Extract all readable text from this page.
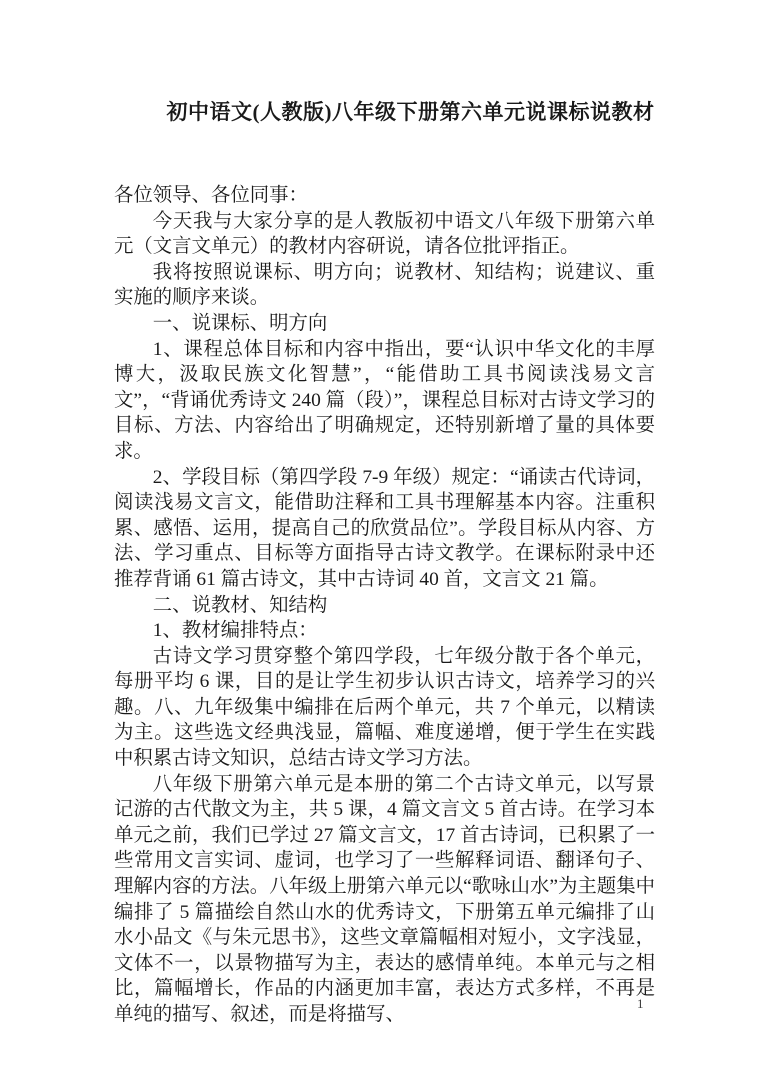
初中语文(人教版)八年级下册第六单元说课标说教材

各位领导、各位同事：

今天我与大家分享的是人教版初中语文八年级下册第六单元（文言文单元）的教材内容研说，请各位批评指正。

我将按照说课标、明方向；说教材、知结构；说建议、重实施的顺序来谈。

一、说课标、明方向

1、课程总体目标和内容中指出，要“认识中华文化的丰厚博大，汲取民族文化智慧”，“能借助工具书阅读浅易文言文”，“背诵优秀诗文 240 篇（段）”，课程总目标对古诗文学习的目标、方法、内容给出了明确规定，还特别新增了量的具体要求。

2、学段目标（第四学段 7-9 年级）规定：“诵读古代诗词，阅读浅易文言文，能借助注释和工具书理解基本内容。注重积累、感悟、运用，提高自己的欣赏品位”。学段目标从内容、方法、学习重点、目标等方面指导古诗文教学。在课标附录中还推荐背诵 61 篇古诗文，其中古诗词 40 首，文言文 21 篇。

二、说教材、知结构

1、教材编排特点：

古诗文学习贯穿整个第四学段，七年级分散于各个单元，每册平均 6 课，目的是让学生初步认识古诗文，培养学习的兴趣。八、九年级集中编排在后两个单元，共 7 个单元，以精读为主。这些选文经典浅显，篇幅、难度递增，便于学生在实践中积累古诗文知识，总结古诗文学习方法。

八年级下册第六单元是本册的第二个古诗文单元，以写景记游的古代散文为主，共 5 课，4 篇文言文 5 首古诗。在学习本单元之前，我们已学过 27 篇文言文，17 首古诗词，已积累了一些常用文言实词、虚词，也学习了一些解释词语、翻译句子、理解内容的方法。八年级上册第六单元以“歌咏山水”为主题集中编排了 5 篇描绘自然山水的优秀诗文，下册第五单元编排了山水小品文《与朱元思书》，这些文章篇幅相对短小，文字浅显，文体不一，以景物描写为主，表达的感情单纯。本单元与之相比，篇幅增长，作品的内涵更加丰富，表达方式多样，不再是单纯的描写、叙述，而是将描写、

1
